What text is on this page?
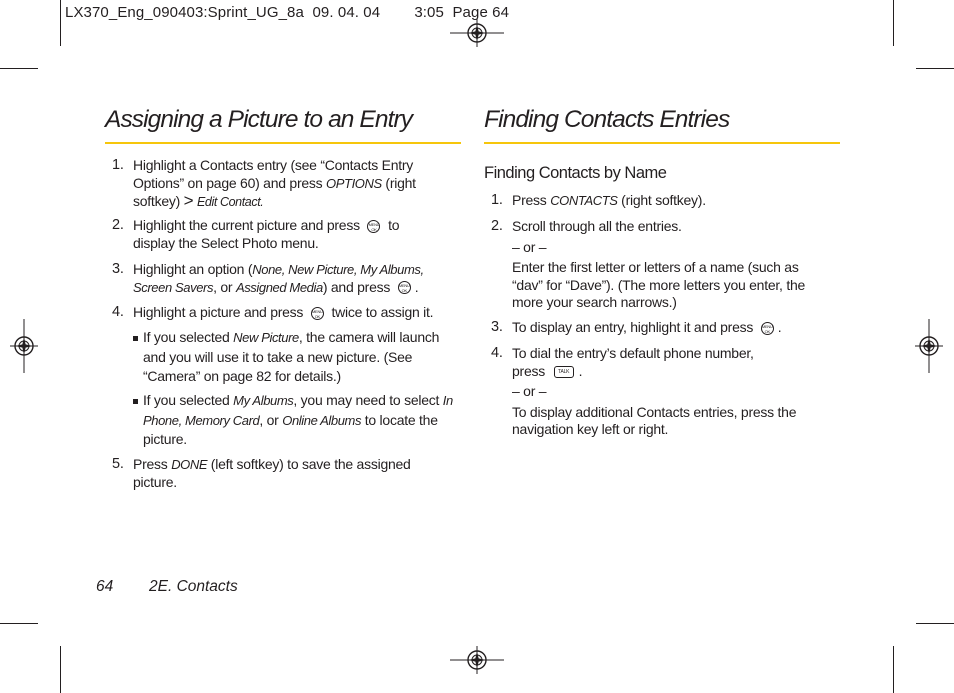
LX370_Eng_090403:Sprint_UG_8a  09. 04. 04        3:05  Page 64
Assigning a Picture to an Entry
1. Highlight a Contacts entry (see “Contacts Entry Options” on page 60) and press OPTIONS (right softkey) > Edit Contact.
2. Highlight the current picture and press MENU
OK to display the Select Photo menu.
3. Highlight an option (None, New Picture, My Albums, Screen Savers, or Assigned Media) and press MENU
OK .
4. Highlight a picture and press MENU
OK twice to assign it.
If you selected New Picture, the camera will launch and you will use it to take a new picture. (See “Camera” on page 82 for details.)
If you selected My Albums, you may need to select In Phone, Memory Card, or Online Albums to locate the picture.
5. Press DONE (left softkey) to save the assigned picture.
Finding Contacts Entries
Finding Contacts by Name
1. Press CONTACTS (right softkey).
2. Scroll through all the entries.
– or –
Enter the first letter or letters of a name (such as “dav” for “Dave”). (The more letters you enter, the more your search narrows.)
3. To display an entry, highlight it and press MENU
OK .
4. To dial the entry’s default phone number,
press TALK .
– or –
To display additional Contacts entries, press the navigation key left or right.
64 2E. Contacts
